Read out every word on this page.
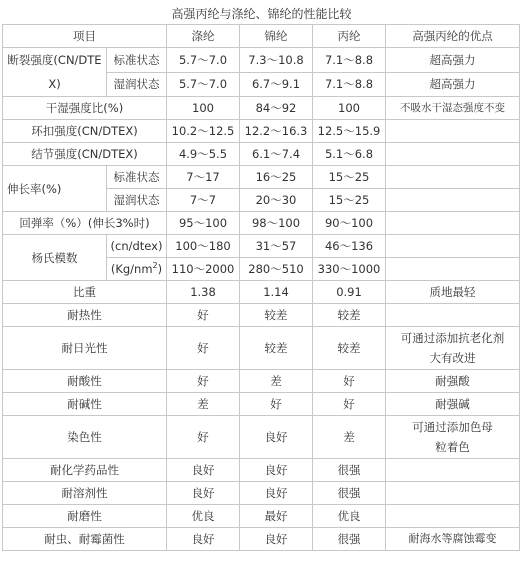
高强丙纶与涤纶、锦纶的性能比较
项目		涤纶	锦纶	丙纶	高强丙纶的优点
断裂强度(CN/DTEX)	标准状态	5.7～7.0	7.3～10.8	7.1～8.8	超高强力
	湿润状态	5.7～7.0	6.7～9.1	7.1～8.8	超高强力
干湿强度比(%)		100	84～92	100	不吸水干湿态强度不变
环扣强度(CN/DTEX)		10.2～12.5	12.2～16.3	12.5～15.9	
结节强度(CN/DTEX)		4.9～5.5	6.1～7.4	5.1～6.8	
伸长率(%)	标准状态	7～17	16～25	15～25	
	湿润状态	7～7	20～30	15～25	
回弹率（%）(伸长3%时)		95～100	98～100	90～100	
杨氏模数	(cn/dtex)	100～180	31～57	46～136	
	$(Kg/nm^2)$	110～2000	280～510	330～1000	
比重		1.38	1.14	0.91	质地最轻
耐热性		好	较差	较差	
耐日光性		好	较差	较差	可通过添加抗老化剂大有改进
耐酸性		好	差	好	耐强酸
耐碱性		差	好	好	耐强碱
染色性		好	良好	差	可通过添加色母粒着色
耐化学药品性		良好	良好	很强	
耐溶剂性		良好	良好	很强	
耐磨性		优良	最好	优良	
耐虫、耐霉菌性		良好	良好	很强	耐海水等腐蚀霉变
